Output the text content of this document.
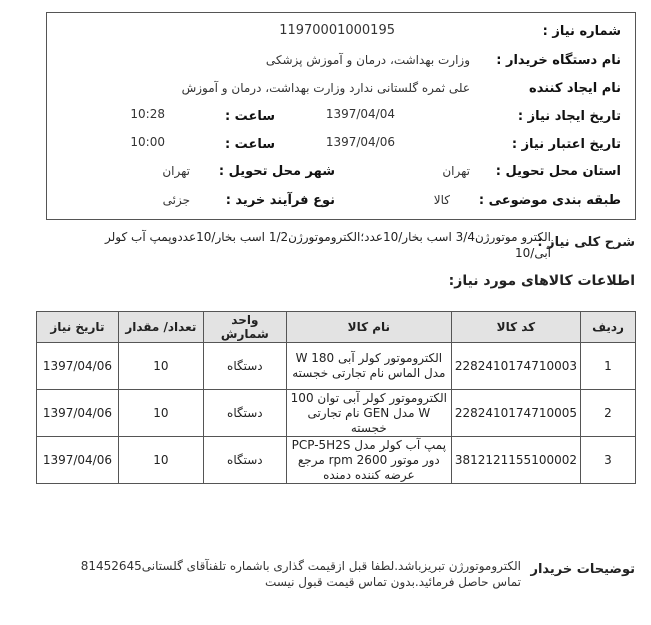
شماره نیاز :
1197000100019​5
نام دستگاه خریدار :
وزارت بهداشت، درمان و آموزش پزشکی
نام ایجاد کننده
علی ثمره گلستانی ندارد وزارت بهداشت، درمان و آموزش
تاریخ ایجاد نیاز :
1397/04/04
ساعت :
10:28
تاریخ اعتبار نیاز :
1397/04/06
ساعت :
10:00
استان محل تحویل :
تهران
شهر محل تحویل :
تهران
طبقه بندی موضوعی :
کالا
نوع فرآیند خرید :
جزئی
شرح کلی نیاز :
الکترو موتورژن3/4 اسب بخار/10عدد؛الکتروموتورژن1/2 اسب بخار/10عددوپمپ آب کولر آبی/10
اطلاعات کالاهای مورد نیاز:
ردیف	کد کالا	نام کالا	واحد شمارش	تعداد/ مقدار	تاریخ نیاز
1	2282410174710003	الکتروموتور کولر آبی 180 W مدل الماس نام تجارتی خجسته	دستگاه	10	1397/04/06
2	2282410174710005	الکتروموتور کولر آبی توان 100 W مدل GEN نام تجارتی خجسته	دستگاه	10	1397/04/06
3	3812121155100002	پمپ آب کولر مدل PCP-5H2S دور موتور 2600 rpm مرجع عرضه کننده دمنده	دستگاه	10	1397/04/06
توضیحات خریدار
الکتروموتورژن تبریزباشد.لطفا قبل ازقیمت گذاری باشماره تلفنآقای گلستانی81452645 تماس حاصل فرمائید.بدون تماس قیمت قبول نیست
